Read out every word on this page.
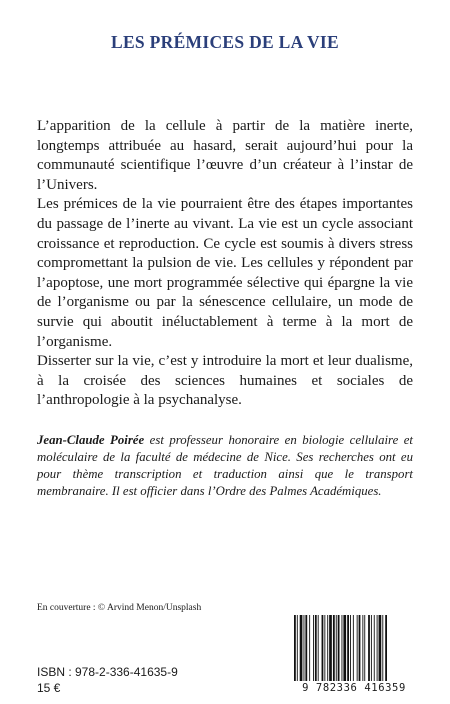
LES PRÉMICES DE LA VIE

L’apparition de la cellule à partir de la matière inerte, longtemps attribuée au hasard, serait aujourd’hui pour la communauté scientifique l’œuvre d’un créateur à l’instar de l’Univers.

Les prémices de la vie pourraient être des étapes importantes du passage de l’inerte au vivant. La vie est un cycle associant croissance et reproduction. Ce cycle est soumis à divers stress compromettant la pulsion de vie. Les cellules y répondent par l’apoptose, une mort programmée sélective qui épargne la vie de l’organisme ou par la sénescence cellulaire, un mode de survie qui aboutit inéluctablement à terme à la mort de l’organisme.

Disserter sur la vie, c’est y introduire la mort et leur dualisme, à la croisée des sciences humaines et sociales de l’anthropologie à la psychanalyse.

Jean-Claude Poirée est professeur honoraire en biologie cellulaire et moléculaire de la faculté de médecine de Nice. Ses recherches ont eu pour thème transcription et traduction ainsi que le transport membranaire. Il est officier dans l’Ordre des Palmes Académiques.
En couverture : © Arvind Menon/Unsplash
ISBN : 978-2-336-41635-9
15 €	9 782336 416359
